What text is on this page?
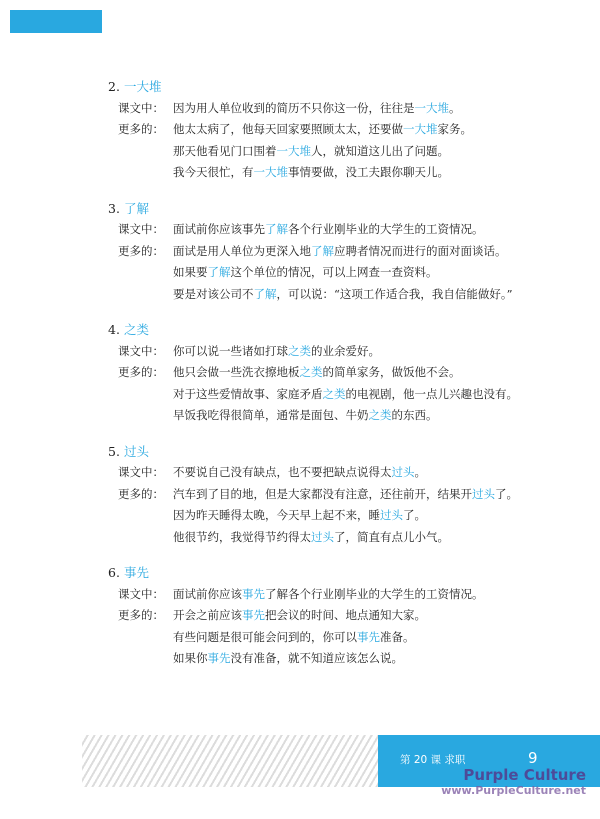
2. 一大堆
课文中： 因为用人单位收到的简历不只你这一份，往往是一大堆。
更多的： 他太太病了，他每天回家要照顾太太，还要做一大堆家务。
那天他看见门口围着一大堆人，就知道这儿出了问题。
我今天很忙，有一大堆事情要做，没工夫跟你聊天儿。
3. 了解
课文中： 面试前你应该事先了解各个行业刚毕业的大学生的工资情况。
更多的： 面试是用人单位为更深入地了解应聘者情况而进行的面对面谈话。
如果要了解这个单位的情况，可以上网查一查资料。
要是对该公司不了解，可以说：“这项工作适合我，我自信能做好。”
4. 之类
课文中： 你可以说一些诸如打球之类的业余爱好。
更多的： 他只会做一些洗衣擦地板之类的简单家务，做饭他不会。
对于这些爱情故事、家庭矛盾之类的电视剧，他一点儿兴趣也没有。
早饭我吃得很简单，通常是面包、牛奶之类的东西。
5. 过头
课文中： 不要说自己没有缺点，也不要把缺点说得太过头。
更多的： 汽车到了目的地，但是大家都没有注意，还往前开，结果开过头了。
因为昨天睡得太晚，今天早上起不来，睡过头了。
他很节约，我觉得节约得太过头了，简直有点儿小气。
6. 事先
课文中： 面试前你应该事先了解各个行业刚毕业的大学生的工资情况。
更多的： 开会之前应该事先把会议的时间、地点通知大家。
有些问题是很可能会问到的，你可以事先准备。
如果你事先没有准备，就不知道应该怎么说。
第 20 课 求职	9
Purple Culture
www.PurpleCulture.net
